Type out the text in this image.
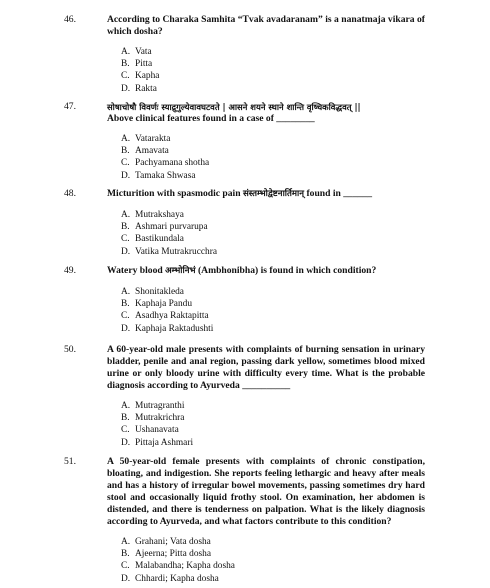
46.	According to Charaka Samhita “Tvak avadaranam” is a nanatmaja vikara of which dosha?
A. Vata
B. Pitta
C. Kapha
D. Rakta
47.	सोषाचोषौ विवर्णः स्याद्रुगुल्येवावघटवते | आसने शयने स्थाने शान्ति वृष्चिकविद्धवत् ||
Above clinical features found in a case of ________
A. Vatarakta
B. Amavata
C. Pachyamana shotha
D. Tamaka Shwasa
48.	Micturition with spasmodic pain संस्तम्भोद्वेष्टनार्तिमान् found in ______
A. Mutrakshaya
B. Ashmari purvarupa
C. Bastikundala
D. Vatika Mutrakrucchra
49.	Watery blood अम्भोनिभं (Ambhonibha) is found in which condition?
A. Shonitakleda
B. Kaphaja Pandu
C. Asadhya Raktapitta
D. Kaphaja Raktadushti
50.	A 60-year-old male presents with complaints of burning sensation in urinary bladder, penile and anal region, passing dark yellow, sometimes blood mixed urine or only bloody urine with difficulty every time. What is the probable diagnosis according to Ayurveda __________
A. Mutragranthi
B. Mutrakrichra
C. Ushanavata
D. Pittaja Ashmari
51.	A 50-year-old female presents with complaints of chronic constipation, bloating, and indigestion. She reports feeling lethargic and heavy after meals and has a history of irregular bowel movements, passing sometimes dry hard stool and occasionally liquid frothy stool. On examination, her abdomen is distended, and there is tenderness on palpation. What is the likely diagnosis according to Ayurveda, and what factors contribute to this condition?
A. Grahani; Vata dosha
B. Ajeerna; Pitta dosha
C. Malabandha; Kapha dosha
D. Chhardi; Kapha dosha
